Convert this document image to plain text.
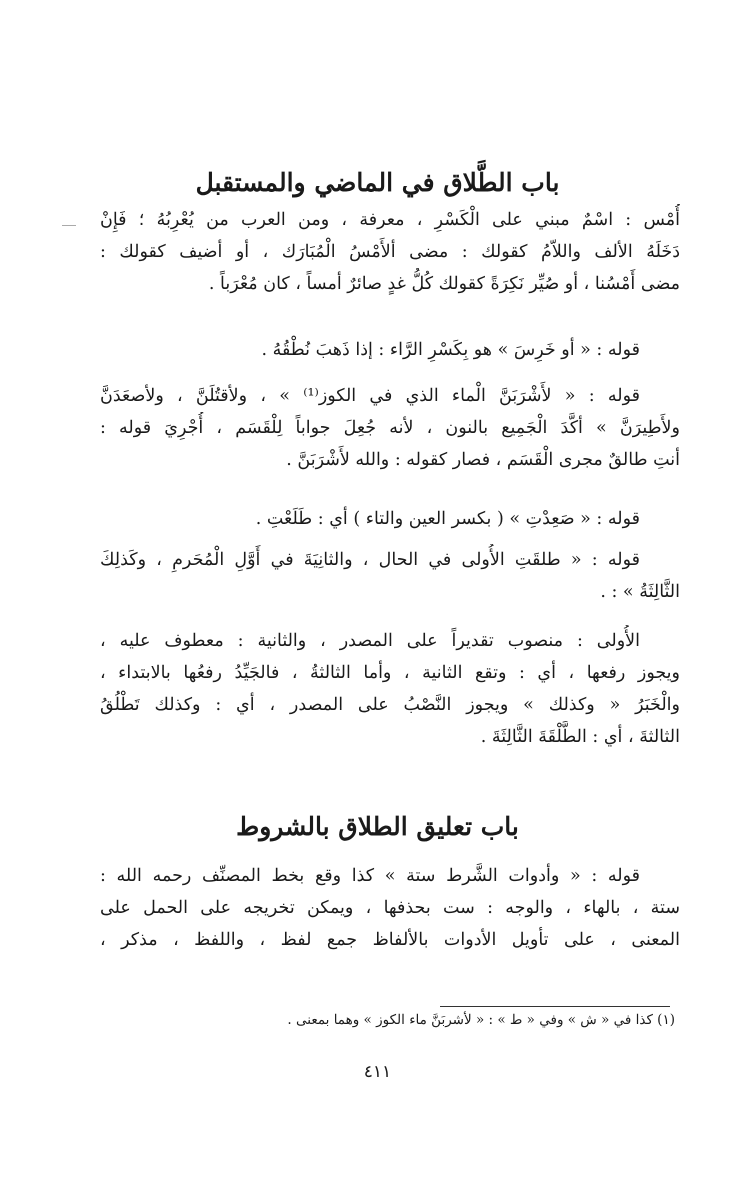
باب الطَّلاق في الماضي والمستقبل
أُمْس : اسْمٌ مبني على الْكَسْرِ ، معرفة ، ومن العرب من يُعْرِبُهُ ؛ فَإِنْ
دَخَلَهُ الألف واللاّمُ كقولك : مضى ألأَمْسُ الْمُبَارَك ، أو أضيف كقولك :
مضى أَمْسُنا ، أو صُيِّر نَكِرَةً كقولك كُلُّ غدٍ صائرٌ أمساً ، كان مُعْرَباً .
قوله : « أو خَرِسَ » هو بِكَسْرِ الرَّاء : إذا ذَهبَ نُطْقُهُ .
قوله : « لأَشْرَبَنَّ الْماء الذي في الكوز⁽¹⁾ » ، ولأقتُلَنَّ ، ولأصعَدَنَّ
ولأَطِيرَنَّ » أكَّدَ الْجَمِيع بالنون ، لأنه جُعِلَ جواباً لِلْقَسَم ، أُجْرِيَ قوله :
أنتِ طالقٌ مجرى الْقَسَم ، فصار كقوله : والله لأَشْرَبَنَّ .
قوله : « صَعِدْتِ » ( بكسر العين والتاء ) أي : طَلَعْتِ .
قوله : « طلقَتِ الأُولى في الحال ، والثانِيَةَ في أَوَّلِ الْمُحَرمِ ، وكَذلِكَ
الثَّالِثَةُ » : .
الأُولى : منصوب تقديراً على المصدر ، والثانية : معطوف عليه ،
ويجوز رفعها ، أي : وتقع الثانية ، وأما الثالثةُ ، فالجَيِّدُ رفعُها بالابتداء ،
والْخَبَرُ « وكذلك » ويجوز النَّصْبُ على المصدر ، أي : وكذلك تَطْلُقُ
الثالثةَ ، أي : الطَّلْقَةَ الثَّالِثَةَ .
باب تعليق الطلاق بالشروط
قوله : « وأدوات الشَّرط ستة » كذا وقع بخط المصنِّف رحمه الله :
ستة ، بالهاء ، والوجه : ست بحذفها ، ويمكن تخريجه على الحمل على
المعنى ، على تأويل الأدوات بالألفاظ جمع لفظ ، واللفظ ، مذكر ،
(١) كذا في « ش » وفي « ط » : « لأشربَنَّ ماء الكوز » وهما بمعنى .
٤١١
